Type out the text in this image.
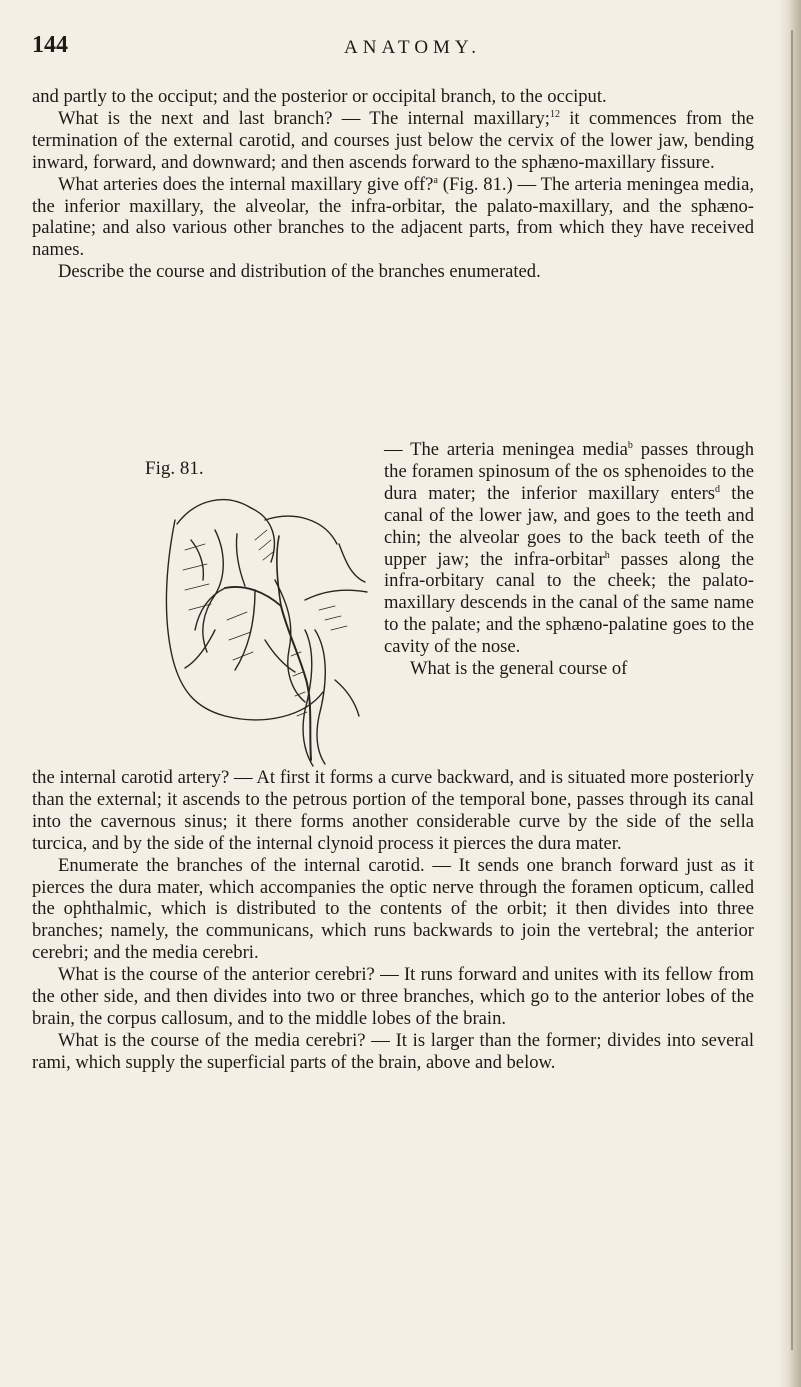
144	ANATOMY.

and partly to the occiput; and the posterior or occipital branch, to the occiput.

What is the next and last branch? — The internal maxillary;$^{12}$ it commences from the termination of the external carotid, and courses just below the cervix of the lower jaw, bending inward, forward, and downward; and then ascends forward to the sphæno-maxillary fissure.

What arteries does the internal maxillary give off?$^a$ (Fig. 81.) — The arteria meningea media, the inferior maxillary, the alveolar, the infra-orbitar, the palato-maxillary, and the sphæno-palatine; and also various other branches to the adjacent parts, from which they have received names.

Describe the course and distribution of the branches enumerated.

Fig. 81.

— The arteria meningea media$^b$ passes through the foramen spinosum of the os sphenoides to the dura mater; the inferior maxillary enters$^d$ the canal of the lower jaw, and goes to the teeth and chin; the alveolar goes to the back teeth of the upper jaw; the infra-orbitar$^h$ passes along the infra-orbitary canal to the cheek; the palato-maxillary descends in the canal of the same name to the palate; and the sphæno-palatine goes to the cavity of the nose.

What is the general course of

the internal carotid artery? — At first it forms a curve backward, and is situated more posteriorly than the external; it ascends to the petrous portion of the temporal bone, passes through its canal into the cavernous sinus; it there forms another considerable curve by the side of the sella turcica, and by the side of the internal clynoid process it pierces the dura mater.

Enumerate the branches of the internal carotid. — It sends one branch forward just as it pierces the dura mater, which accompanies the optic nerve through the foramen opticum, called the ophthalmic, which is distributed to the contents of the orbit; it then divides into three branches; namely, the communicans, which runs backwards to join the vertebral; the anterior cerebri; and the media cerebri.

What is the course of the anterior cerebri? — It runs forward and unites with its fellow from the other side, and then divides into two or three branches, which go to the anterior lobes of the brain, the corpus callosum, and to the middle lobes of the brain.

What is the course of the media cerebri? — It is larger than the former; divides into several rami, which supply the superficial parts of the brain, above and below.
